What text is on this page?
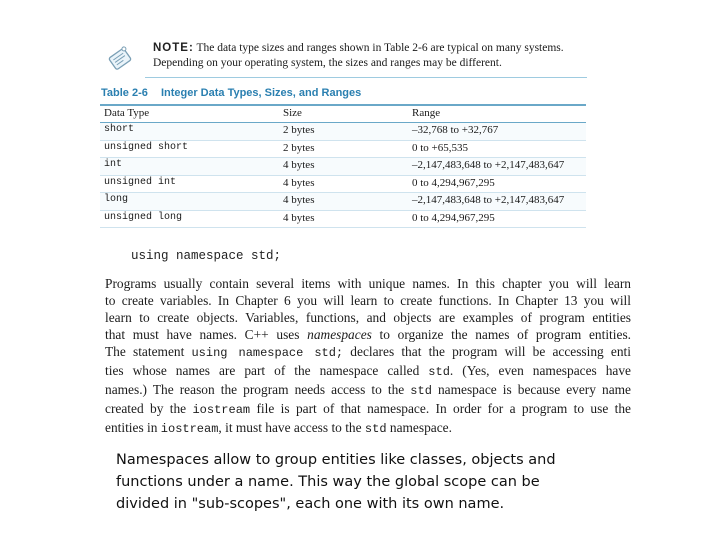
NOTE: The data type sizes and ranges shown in Table 2-6 are typical on many systems.
Depending on your operating system, the sizes and ranges may be different.
Table 2-6 Integer Data Types, Sizes, and Ranges
Data Type	Size	Range
short	2 bytes	–32,768 to +32,767
unsigned short	2 bytes	0 to +65,535
int	4 bytes	–2,147,483,648 to +2,147,483,647
unsigned int	4 bytes	0 to 4,294,967,295
long	4 bytes	–2,147,483,648 to +2,147,483,647
unsigned long	4 bytes	0 to 4,294,967,295
using namespace std;
Programs usually contain several items with unique names. In this chapter you will learn
to create variables. In Chapter 6 you will learn to create functions. In Chapter 13 you will
learn to create objects. Variables, functions, and objects are examples of program entities
that must have names. C++ uses namespaces to organize the names of program entities.
The statement using namespace std; declares that the program will be accessing enti
ties whose names are part of the namespace called std. (Yes, even namespaces have
names.) The reason the program needs access to the std namespace is because every name
created by the iostream file is part of that namespace. In order for a program to use the
entities in iostream, it must have access to the std namespace.
Namespaces allow to group entities like classes, objects and functions under a name. This way the global scope can be divided in "sub-scopes", each one with its own name.
